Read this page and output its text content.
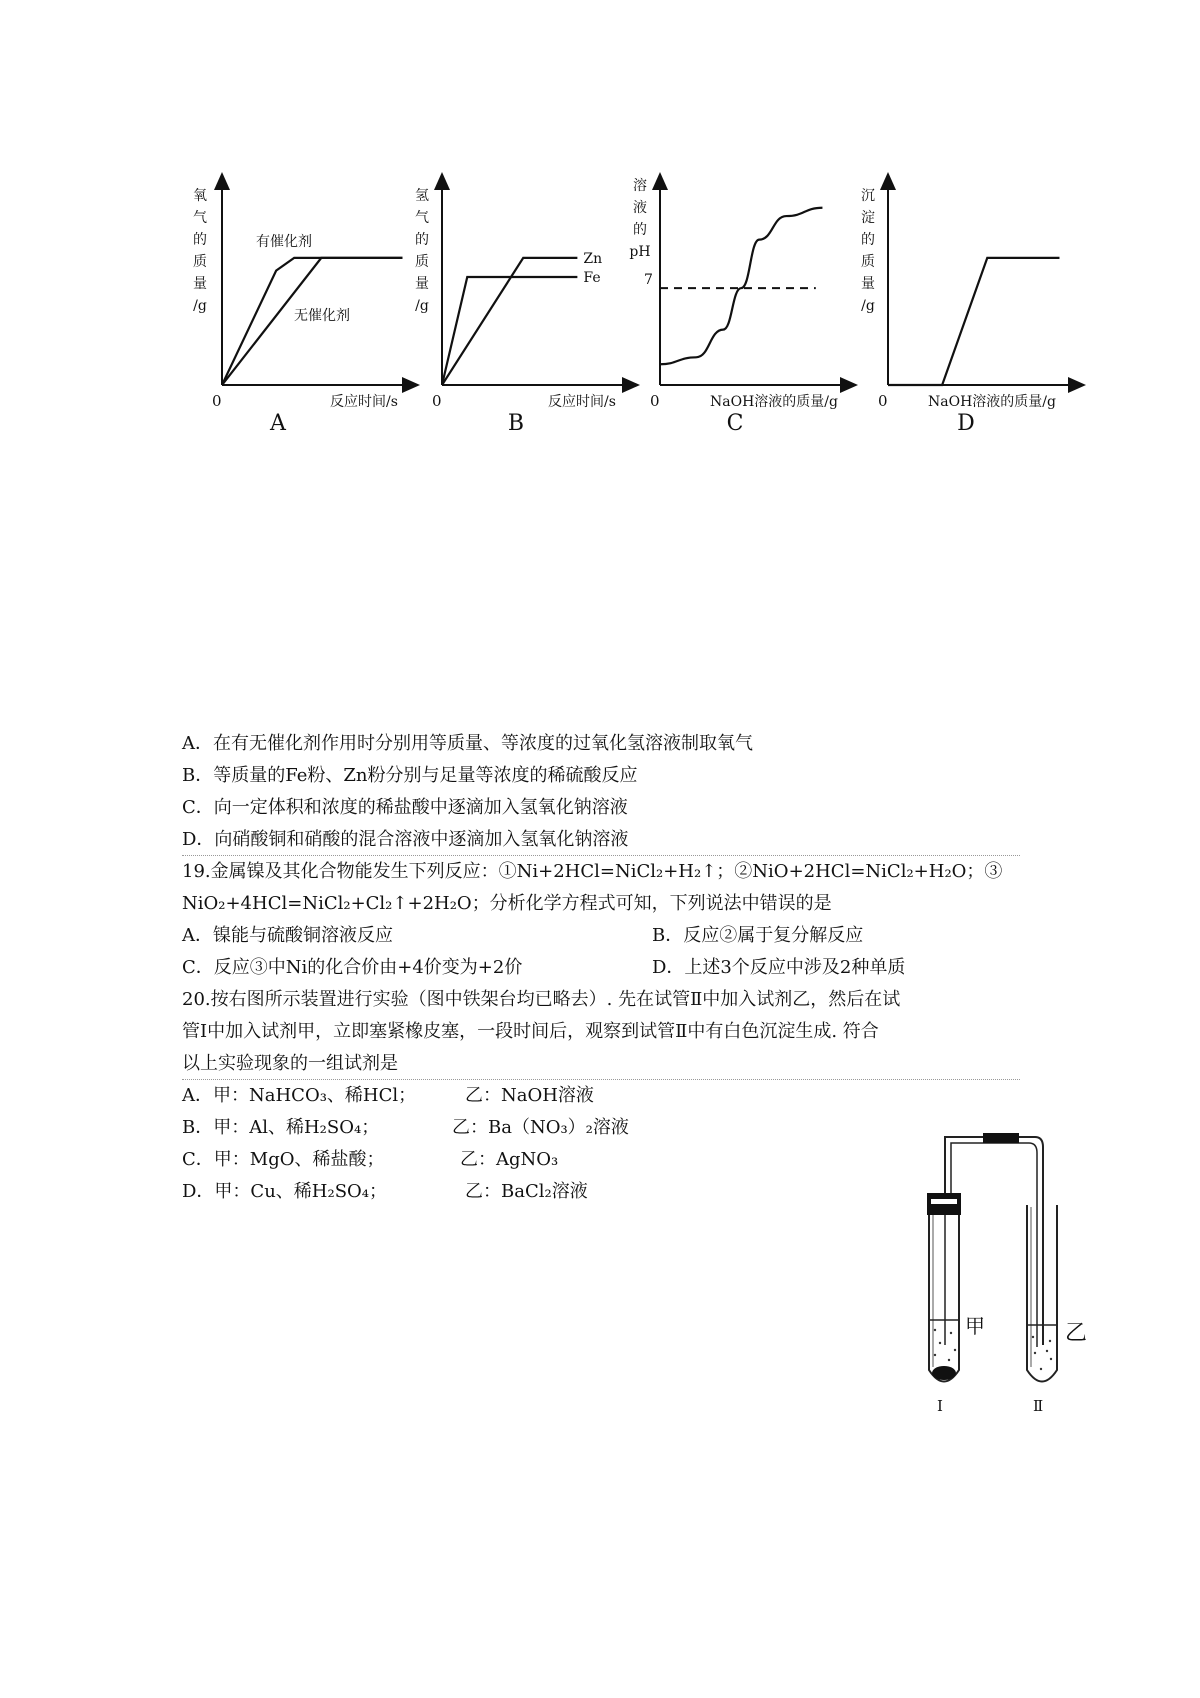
0	反应时间/s
氧
气
的
质
量
/g
A
有催化剂
无催化剂
0	反应时间/s
氢
气
的
质
量
/g
B
Zn
Fe
0	NaOH溶液的质量/g
溶
液
的
pH
C
7
0	NaOH溶液的质量/g
沉
淀
的
质
量
/g
D
A．在有无催化剂作用时分别用等质量、等浓度的过氧化氢溶液制取氧气
B．等质量的Fe粉、Zn粉分别与足量等浓度的稀硫酸反应
C．向一定体积和浓度的稀盐酸中逐滴加入氢氧化钠溶液
D．向硝酸铜和硝酸的混合溶液中逐滴加入氢氧化钠溶液
19.金属镍及其化合物能发生下列反应：①Ni+2HCl=NiCl₂+H₂↑；②NiO+2HCl=NiCl₂+H₂O；③
NiO₂+4HCl=NiCl₂+Cl₂↑+2H₂O；分析化学方程式可知，下列说法中错误的是
A．镍能与硫酸铜溶液反应	B．反应②属于复分解反应
C．反应③中Ni的化合价由+4价变为+2价	D．上述3个反应中涉及2种单质
20.按右图所示装置进行实验（图中铁架台均已略去）. 先在试管Ⅱ中加入试剂乙，然后在试
管Ⅰ中加入试剂甲，立即塞紧橡皮塞，一段时间后，观察到试管Ⅱ中有白色沉淀生成. 符合
以上实验现象的一组试剂是
A．甲：NaHCO₃、稀HCl；	乙：NaOH溶液
B．甲：Al、稀H₂SO₄；	乙：Ba（NO₃）₂溶液
C．甲：MgO、稀盐酸；	乙：AgNO₃
D．甲：Cu、稀H₂SO₄；	乙：BaCl₂溶液
甲
Ⅰ
乙
Ⅱ
